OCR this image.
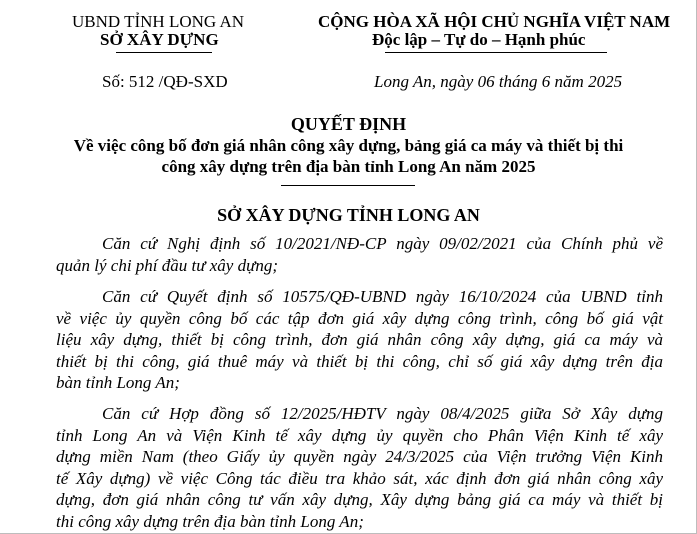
UBND TỈNH LONG AN
SỞ XÂY DỰNG
CỘNG HÒA XÃ HỘI CHỦ NGHĨA VIỆT NAM
Độc lập – Tự do – Hạnh phúc
Số: 512 /QĐ-SXD	Long An, ngày 06 tháng 6 năm 2025
QUYẾT ĐỊNH
Về việc công bố đơn giá nhân công xây dựng, bảng giá ca máy và thiết bị thi
công xây dựng trên địa bàn tỉnh Long An năm 2025
SỞ XÂY DỰNG TỈNH LONG AN
Căn cứ Nghị định số 10/2021/NĐ-CP ngày 09/02/2021 của Chính phủ về
quản lý chi phí đầu tư xây dựng;
Căn cứ Quyết định số 10575/QĐ-UBND ngày 16/10/2024 của UBND tỉnh
về việc ủy quyền công bố các tập đơn giá xây dựng công trình, công bố giá vật
liệu xây dựng, thiết bị công trình, đơn giá nhân công xây dựng, giá ca máy và
thiết bị thi công, giá thuê máy và thiết bị thi công, chỉ số giá xây dựng trên địa
bàn tỉnh Long An;
Căn cứ Hợp đồng số 12/2025/HĐTV ngày 08/4/2025 giữa Sở Xây dựng
tỉnh Long An và Viện Kinh tế xây dựng ủy quyền cho Phân Viện Kinh tế xây
dựng miền Nam (theo Giấy ủy quyền ngày 24/3/2025 của Viện trưởng Viện Kinh
tế Xây dựng) về việc Công tác điều tra khảo sát, xác định đơn giá nhân công xây
dựng, đơn giá nhân công tư vấn xây dựng, Xây dựng bảng giá ca máy và thiết bị
thi công xây dựng trên địa bàn tỉnh Long An;
